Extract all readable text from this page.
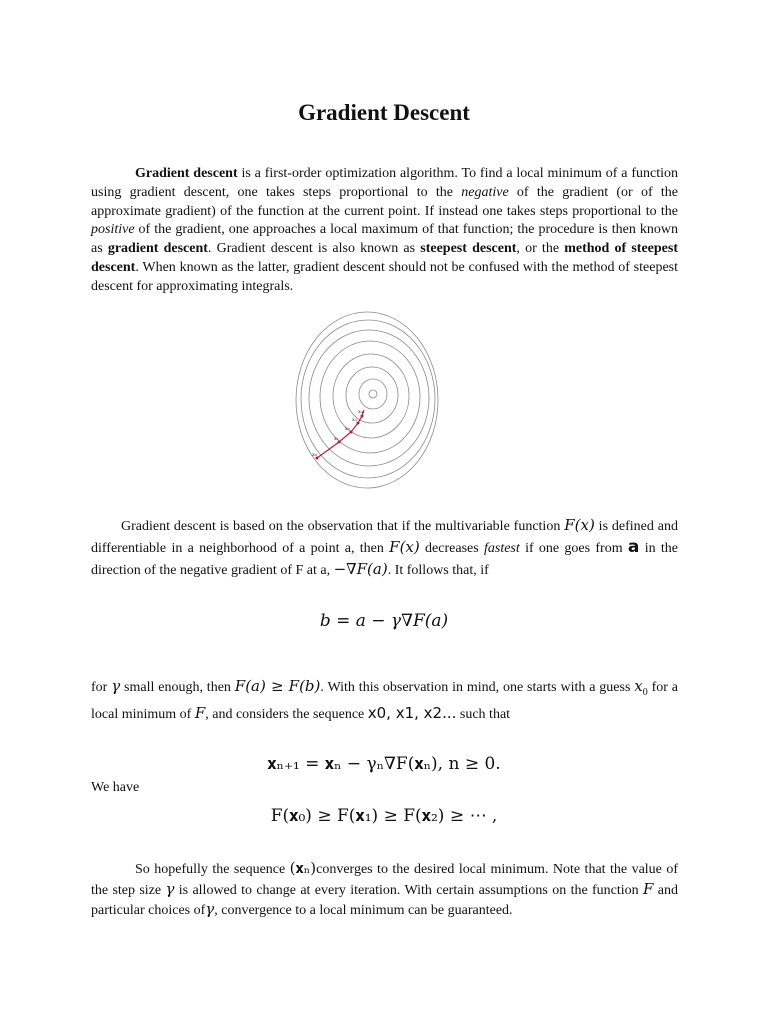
Gradient Descent

Gradient descent is a first-order optimization algorithm. To find a local minimum of a function using gradient descent, one takes steps proportional to the negative of the gradient (or of the approximate gradient) of the function at the current point. If instead one takes steps proportional to the positive of the gradient, one approaches a local maximum of that function; the procedure is then known as gradient descent. Gradient descent is also known as steepest descent, or the method of steepest descent. When known as the latter, gradient descent should not be confused with the method of steepest descent for approximating integrals.

x₀
x₁
x₂
x₃
x₄

Gradient descent is based on the observation that if the multivariable function F(x) is defined and differentiable in a neighborhood of a point a, then F(x) decreases fastest if one goes from a in the direction of the negative gradient of F at a, −∇F(a). It follows that, if

b = a − γ∇F(a)

for γ small enough, then F(a) ≥ F(b). With this observation in mind, one starts with a guess $x_0$ for a local minimum of F, and considers the sequence x0, x1, x2... such that

𝐱ₙ₊₁ = 𝐱ₙ − γₙ∇F(𝐱ₙ), n ≥ 0.

We have

F(𝐱₀) ≥ F(𝐱₁) ≥ F(𝐱₂) ≥ ⋯ ,

So hopefully the sequence (𝐱ₙ)converges to the desired local minimum. Note that the value of the step size γ is allowed to change at every iteration. With certain assumptions on the function F and particular choices ofγ, convergence to a local minimum can be guaranteed.
